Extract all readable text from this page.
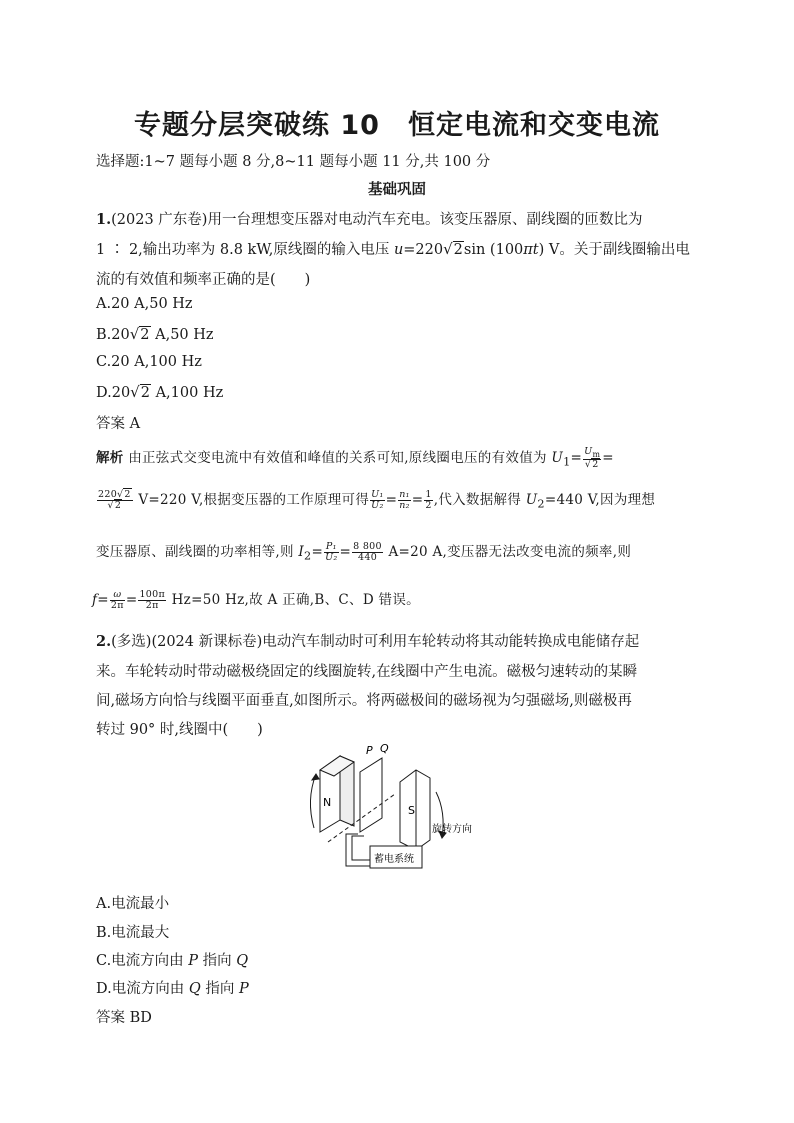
专题分层突破练 10　恒定电流和交变电流
选择题:1~7 题每小题 8 分,8~11 题每小题 11 分,共 100 分
基础巩固
1.(2023 广东卷)用一台理想变压器对电动汽车充电。该变压器原、副线圈的匝数比为
1 ∶ 2,输出功率为 8.8 kW,原线圈的输入电压 u=220√2sin (100πt) V。关于副线圈输出电
流的有效值和频率正确的是(　　)
A.20 A,50 Hz
B.20√2 A,50 Hz
C.20 A,100 Hz
D.20√2 A,100 Hz
答案 A
解析 由正弦式交变电流中有效值和峰值的关系可知,原线圈电压的有效值为 $U_1= \frac{U_m}{√2}$ =
$\frac{220√2}{√2} V=220$ V,根据变压器的工作原理可得 $\frac{\text{U₁}}{\text{U₂}} = \frac{\text{n₁}}{\text{n₂}} = \frac{1}{2}$ ,代入数据解得 $U_2=440$ V,因为理想
变压器原、副线圈的功率相等,则 $I_2= \frac{\text{P₁}}{\text{U₂}} = \frac{8 800}{440} A=20$ A,变压器无法改变电流的频率,则
$f= \frac{\omega}{2\pi} = \frac{100\pi}{2\pi} Hz=50$ Hz,故 A 正确,B、C、D 错误。
2.(多选)(2024 新课标卷)电动汽车制动时可利用车轮转动将其动能转换成电能储存起
来。车轮转动时带动磁极绕固定的线圈旋转,在线圈中产生电流。磁极匀速转动的某瞬
间,磁场方向恰与线圈平面垂直,如图所示。将两磁极间的磁场视为匀强磁场,则磁极再
转过 90° 时,线圈中(　　)
N
S
P Q
旋转方向
蓄电系统
A.电流最小
B.电流最大
C.电流方向由 P 指向 Q
D.电流方向由 Q 指向 P
答案 BD
